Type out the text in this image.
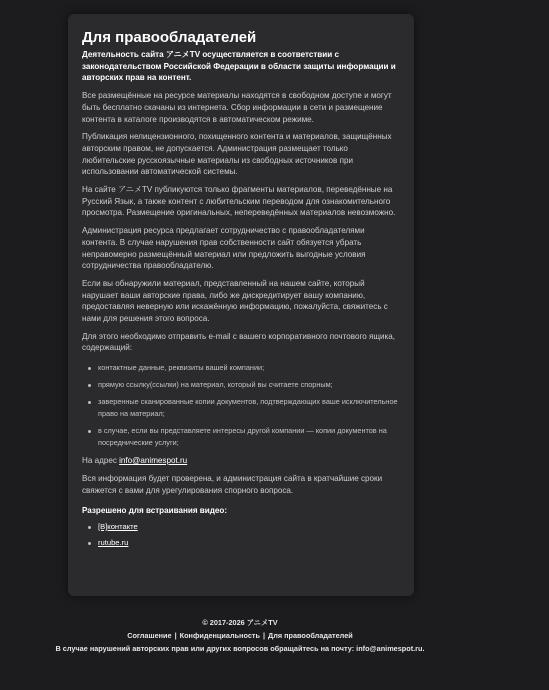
Для правообладателей
Деятельность сайта アニメTV осуществляется в соответствии с законодательством Российской Федерации в области защиты информации и авторских прав на контент.

Все размещённые на ресурсе материалы находятся в свободном доступе и могут быть бесплатно скачаны из интернета. Сбор информации в сети и размещение контента в каталоге производятся в автоматическом режиме.

Публикация нелицензионного, похищенного контента и материалов, защищённых авторским правом, не допускается. Администрация размещает только любительские русскоязычные материалы из свободных источников при использовании автоматической системы.

На сайте アニメTV публикуются только фрагменты материалов, переведённые на Русский Язык, а также контент с любительским переводом для ознакомительного просмотра. Размещение оригинальных, непереведённых материалов невозможно.

Администрация ресурса предлагает сотрудничество с правообладателями контента. В случае нарушения прав собственности сайт обязуется убрать неправомерно размещённый материал или предложить выгодные условия сотрудничества правообладателю.

Если вы обнаружили материал, представленный на нашем сайте, который нарушает ваши авторские права, либо же дискредитирует вашу компанию, предоставляя неверную или искажённую информацию, пожалуйста, свяжитесь с нами для решения этого вопроса.

Для этого необходимо отправить e-mail с вашего корпоративного почтового ящика, содержащий:

контактные данные, реквизиты вашей компании;
прямую ссылку(ссылки) на материал, который вы считаете спорным;
заверенные сканированные копии документов, подтверждающих ваше исключительное право на материал;
в случае, если вы представляете интересы другой компании — копии документов на посреднические услуги;

На адрес info@animespot.ru

Вся информация будет проверена, и администрация сайта в кратчайшие сроки свяжется с вами для урегулирования спорного вопроса.

Разрешено для встраивания видео:
[В]контакте
rutube.ru
© 2017-2026 アニメTV
Соглашение | Конфиденциальность | Для правообладателей
В случае нарушений авторских прав или других вопросов обращайтесь на почту: info@animespot.ru.
